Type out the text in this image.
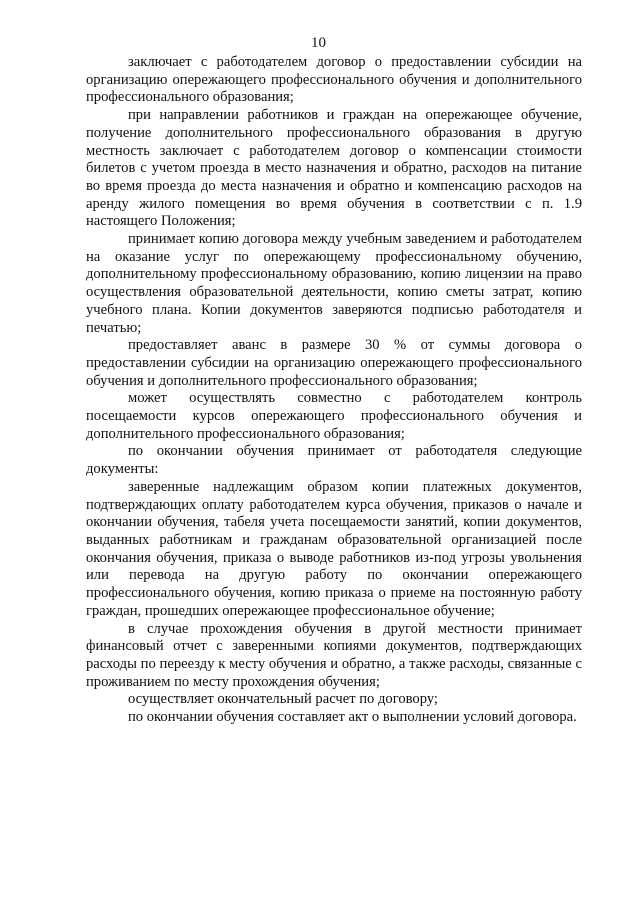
10

заключает с работодателем договор о предоставлении субсидии на организацию опережающего профессионального обучения и дополнительного профессионального образования;

при направлении работников и граждан на опережающее обучение, получение дополнительного профессионального образования в другую местность заключает с работодателем договор о компенсации стоимости билетов с учетом проезда в место назначения и обратно, расходов на питание во время проезда до места назначения и обратно и компенсацию расходов на аренду жилого помещения во время обучения в соответствии с п. 1.9 настоящего Положения;

принимает копию договора между учебным заведением и работодателем на оказание услуг по опережающему профессиональному обучению, дополнительному профессиональному образованию, копию лицензии на право осуществления образовательной деятельности, копию сметы затрат, копию учебного плана. Копии документов заверяются подписью работодателя и печатью;

предоставляет аванс в размере 30 % от суммы договора о предоставлении субсидии на организацию опережающего профессионального обучения и дополнительного профессионального образования;

может осуществлять совместно с работодателем контроль посещаемости курсов опережающего профессионального обучения и дополнительного профессионального образования;

по окончании обучения принимает от работодателя следующие документы:

заверенные надлежащим образом копии платежных документов, подтверждающих оплату работодателем курса обучения, приказов о начале и окончании обучения, табеля учета посещаемости занятий, копии документов, выданных работникам и гражданам образовательной организацией после окончания обучения, приказа о выводе работников из-под угрозы увольнения или перевода на другую работу по окончании опережающего профессионального обучения, копию приказа о приеме на постоянную работу граждан, прошедших опережающее профессиональное обучение;

в случае прохождения обучения в другой местности принимает финансовый отчет с заверенными копиями документов, подтверждающих расходы по переезду к месту обучения и обратно, а также расходы, связанные с проживанием по месту прохождения обучения;

осуществляет окончательный расчет по договору;

по окончании обучения составляет акт о выполнении условий договора.
